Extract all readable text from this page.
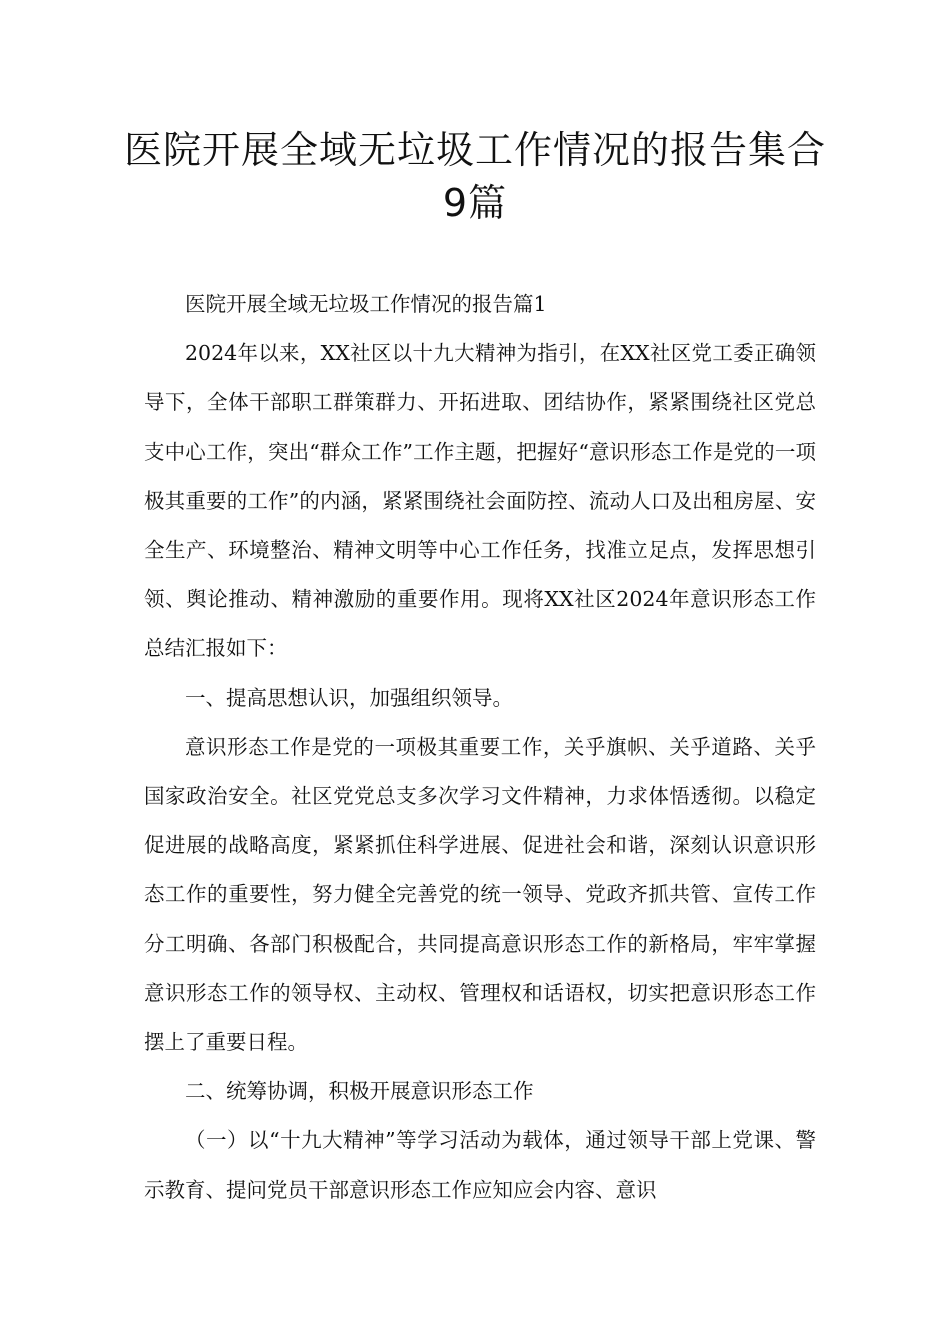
医院开展全域无垃圾工作情况的报告集合9篇

医院开展全域无垃圾工作情况的报告篇1

2024年以来，XX社区以十九大精神为指引，在XX社区党工委正确领导下，全体干部职工群策群力、开拓进取、团结协作，紧紧围绕社区党总支中心工作，突出“群众工作”工作主题，把握好“意识形态工作是党的一项极其重要的工作”的内涵，紧紧围绕社会面防控、流动人口及出租房屋、安全生产、环境整治、精神文明等中心工作任务，找准立足点，发挥思想引领、舆论推动、精神激励的重要作用。现将XX社区2024年意识形态工作总结汇报如下：

一、提高思想认识，加强组织领导。

意识形态工作是党的一项极其重要工作，关乎旗帜、关乎道路、关乎国家政治安全。社区党党总支多次学习文件精神，力求体悟透彻。以稳定促进展的战略高度，紧紧抓住科学进展、促进社会和谐，深刻认识意识形态工作的重要性，努力健全完善党的统一领导、党政齐抓共管、宣传工作分工明确、各部门积极配合，共同提高意识形态工作的新格局，牢牢掌握意识形态工作的领导权、主动权、管理权和话语权，切实把意识形态工作摆上了重要日程。

二、统筹协调，积极开展意识形态工作

（一）以“十九大精神”等学习活动为载体，通过领导干部上党课、警示教育、提问党员干部意识形态工作应知应会内容、意识
